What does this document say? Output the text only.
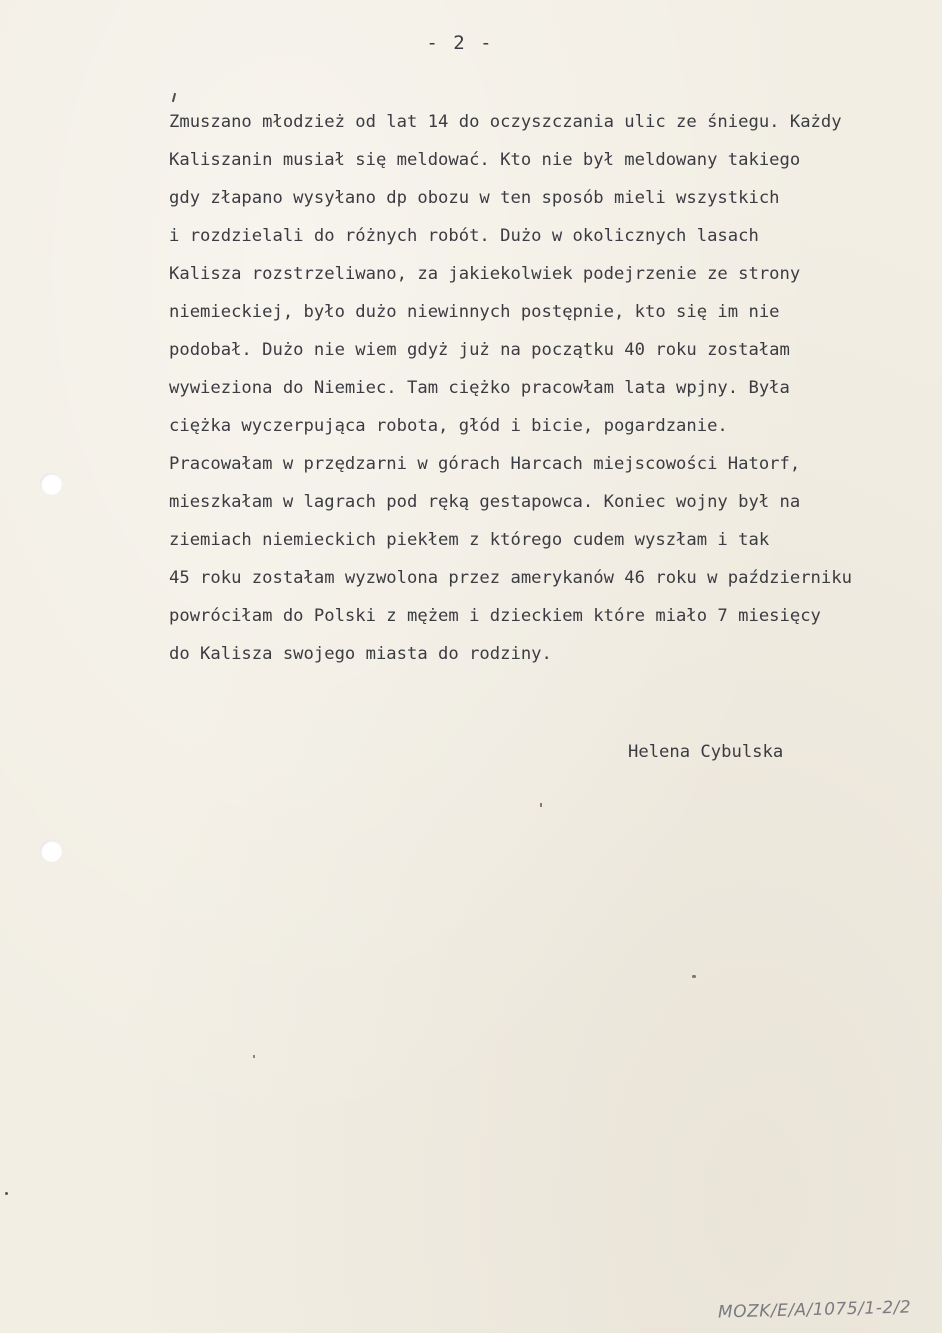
- 2 -
Zmuszano młodzież od lat 14 do oczyszczania ulic ze śniegu. Każdy
Kaliszanin musiał się meldować. Kto nie był meldowany takiego
gdy złapano wysyłano dp obozu w ten sposób mieli wszystkich
i rozdzielali do różnych robót. Dużo w okolicznych lasach
Kalisza rozstrzeliwano, za jakiekolwiek podejrzenie ze strony
niemieckiej, było dużo niewinnych postępnie, kto się im nie
podobał. Dużo nie wiem gdyż już na początku 40 roku zostałam
wywieziona do Niemiec. Tam ciężko pracowłam lata wpjny. Była
ciężka wyczerpująca robota, głód i bicie, pogardzanie.
Pracowałam w przędzarni w górach Harcach miejscowości Hatorf,
mieszkałam w lagrach pod ręką gestapowca. Koniec wojny był na
ziemiach niemieckich piekłem z którego cudem wyszłam i tak
45 roku zostałam wyzwolona przez amerykanów 46 roku w październiku
powróciłam do Polski z mężem i dzieckiem które miało 7 miesięcy
do Kalisza swojego miasta do rodziny.
Helena Cybulska
MOZK/E/A/1075/1-2/2
